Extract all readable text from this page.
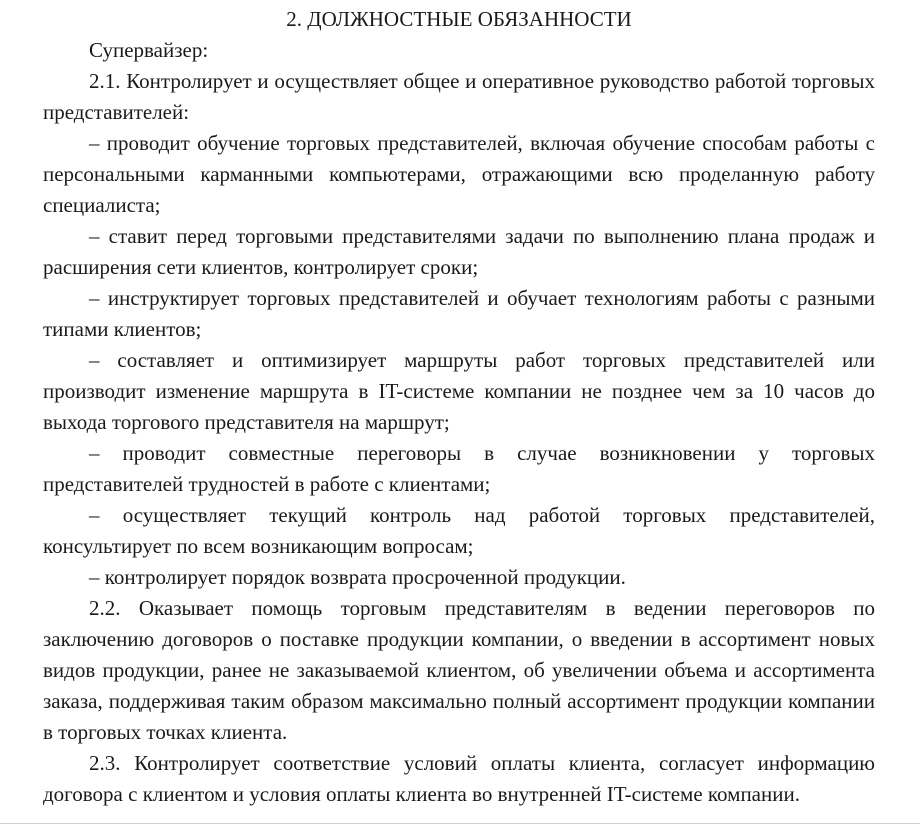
2. ДОЛЖНОСТНЫЕ ОБЯЗАННОСТИ

Супервайзер:

2.1. Контролирует и осуществляет общее и оперативное руководство работой торговых представителей:

– проводит обучение торговых представителей, включая обучение способам работы с персональными карманными компьютерами, отражающими всю проделанную работу специалиста;

– ставит перед торговыми представителями задачи по выполнению плана продаж и расширения сети клиентов, контролирует сроки;

– инструктирует торговых представителей и обучает технологиям работы с разными типами клиентов;

– составляет и оптимизирует маршруты работ торговых представителей или производит изменение маршрута в IT-системе компании не позднее чем за 10 часов до выхода торгового представителя на маршрут;

– проводит совместные переговоры в случае возникновении у торговых представителей трудностей в работе с клиентами;

– осуществляет текущий контроль над работой торговых представителей, консультирует по всем возникающим вопросам;

– контролирует порядок возврата просроченной продукции.

2.2. Оказывает помощь торговым представителям в ведении переговоров по заключению договоров о поставке продукции компании, о введении в ассортимент новых видов продукции, ранее не заказываемой клиентом, об увеличении объема и ассортимента заказа, поддерживая таким образом максимально полный ассортимент продукции компании в торговых точках клиента.

2.3. Контролирует соответствие условий оплаты клиента, согласует информацию договора с клиентом и условия оплаты клиента во внутренней IT-системе компании.
